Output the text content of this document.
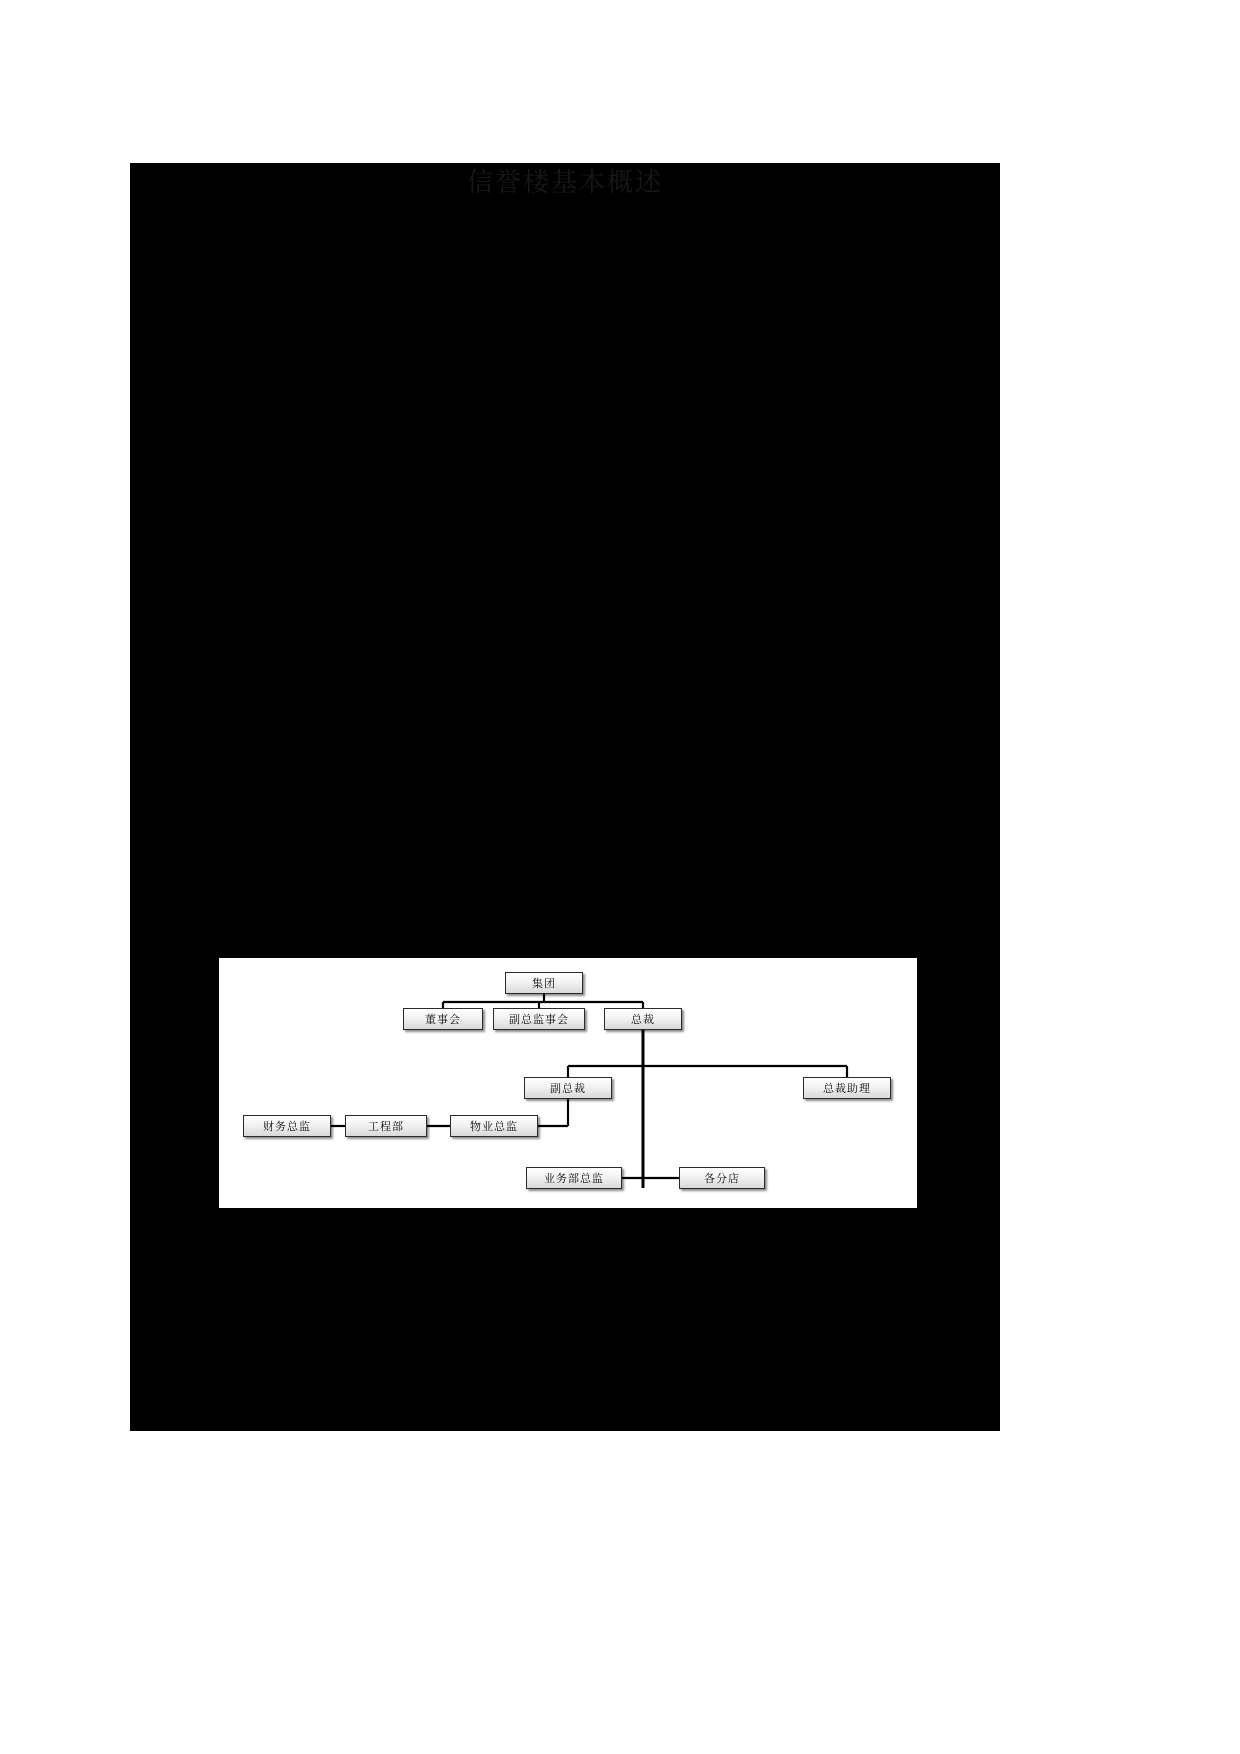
信誉楼基本概述
集团
董事会	副总监事会	总裁
副总裁	总裁助理
财务总监	工程部	物业总监
业务部总监	各分店
